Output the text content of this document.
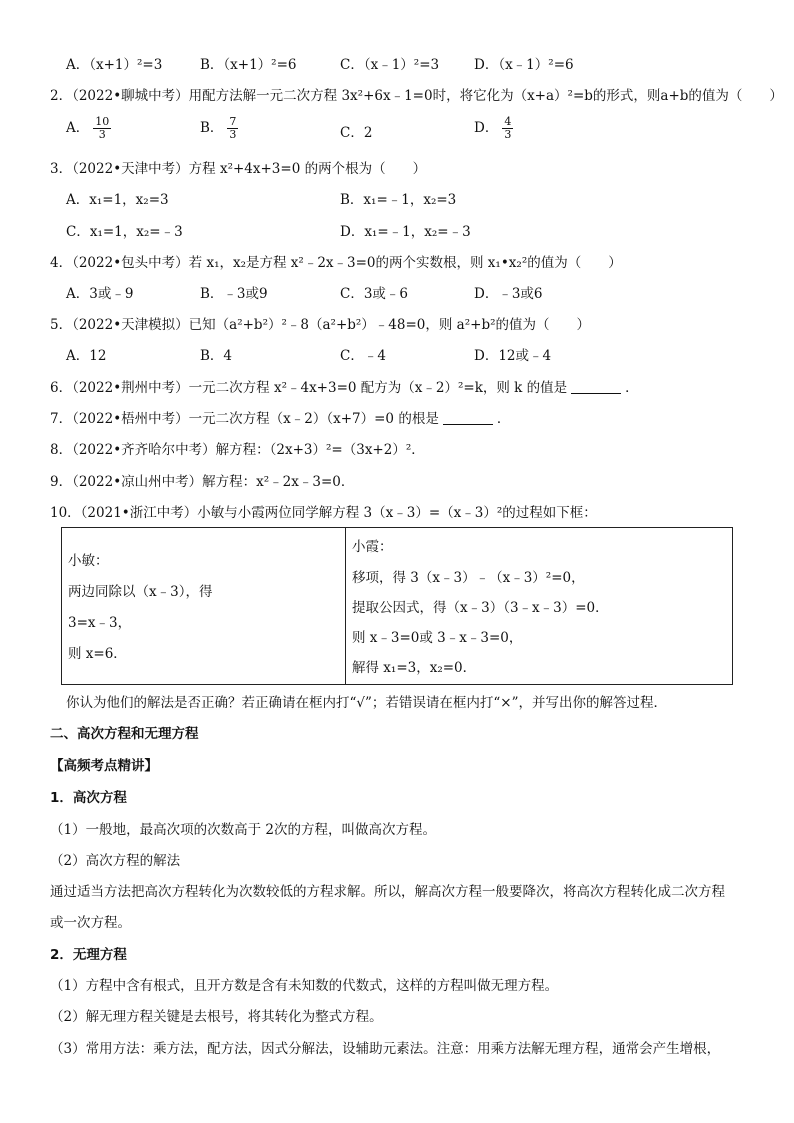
A．（x+1）²=3	B．（x+1）²=6	C．（x﹣1）²=3	D．（x﹣1）²=6
2．（2022•聊城中考）用配方法解一元二次方程 3x²+6x﹣1=0时，将它化为（x+a）²=b的形式，则a+b的值为（　　）
A． $\frac{10}{3}$	B． $\frac{7}{3}$	C．2	D． $\frac{4}{3}$
3．（2022•天津中考）方程 x²+4x+3=0 的两个根为（　　）
A．x₁=1，x₂=3	B．x₁=﹣1，x₂=3
C．x₁=1，x₂=﹣3	D．x₁=﹣1，x₂=﹣3
4．（2022•包头中考）若 x₁，x₂是方程 x²﹣2x﹣3=0的两个实数根，则 x₁•x₂²的值为（　　）
A．3或﹣9	B．﹣3或9	C．3或﹣6	D．﹣3或6
5．（2022•天津模拟）已知（a²+b²）²﹣8（a²+b²）﹣48=0，则 a²+b²的值为（　　）
A．12	B．4	C．﹣4	D．12或﹣4
6．（2022•荆州中考）一元二次方程 x²﹣4x+3=0 配方为（x﹣2）²=k，则 k 的值是	．
7．（2022•梧州中考）一元二次方程（x﹣2）（x+7）=0 的根是	．
8．（2022•齐齐哈尔中考）解方程：（2x+3）²=（3x+2）²．
9．（2022•凉山州中考）解方程：x²﹣2x﹣3=0．
10．（2021•浙江中考）小敏与小霞两位同学解方程 3（x﹣3）=（x﹣3）²的过程如下框：
小敏：
两边同除以（x﹣3），得
3=x﹣3，
则 x=6．
小霞：
移项，得 3（x﹣3）﹣（x﹣3）²=0，
提取公因式，得（x﹣3）（3﹣x﹣3）=0．
则 x﹣3=0或 3﹣x﹣3=0，
解得 x₁=3，x₂=0．
你认为他们的解法是否正确？若正确请在框内打“√”；若错误请在框内打“×”，并写出你的解答过程．
二、高次方程和无理方程
【高频考点精讲】
1．高次方程
（1）一般地，最高次项的次数高于 2次的方程，叫做高次方程。
（2）高次方程的解法
通过适当方法把高次方程转化为次数较低的方程求解。所以，解高次方程一般要降次，将高次方程转化成二次方程
或一次方程。
2．无理方程
（1）方程中含有根式，且开方数是含有未知数的代数式，这样的方程叫做无理方程。
（2）解无理方程关键是去根号，将其转化为整式方程。
（3）常用方法：乘方法，配方法，因式分解法，设辅助元素法。注意：用乘方法解无理方程，通常会产生增根，
